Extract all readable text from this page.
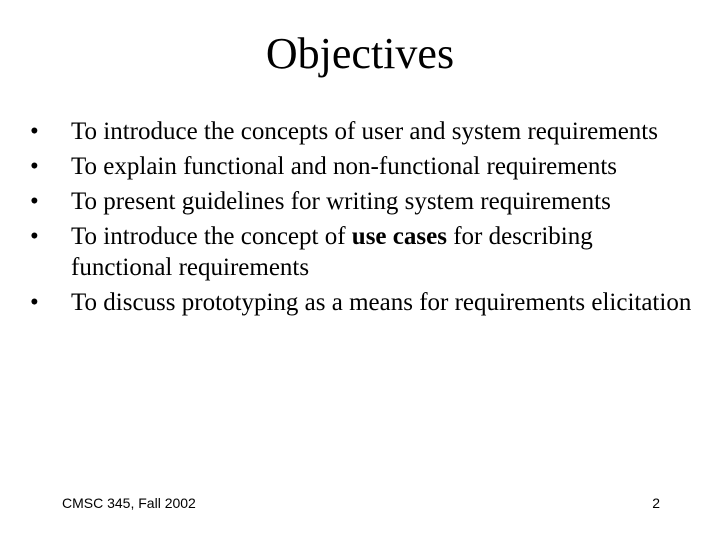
Objectives
•	To introduce the concepts of user and system requirements
•	To explain functional and non-functional requirements
•	To present guidelines for writing system requirements
•	To introduce the concept of use cases for describing functional requirements
•	To discuss prototyping as a means for requirements elicitation
CMSC 345, Fall 2002	2
